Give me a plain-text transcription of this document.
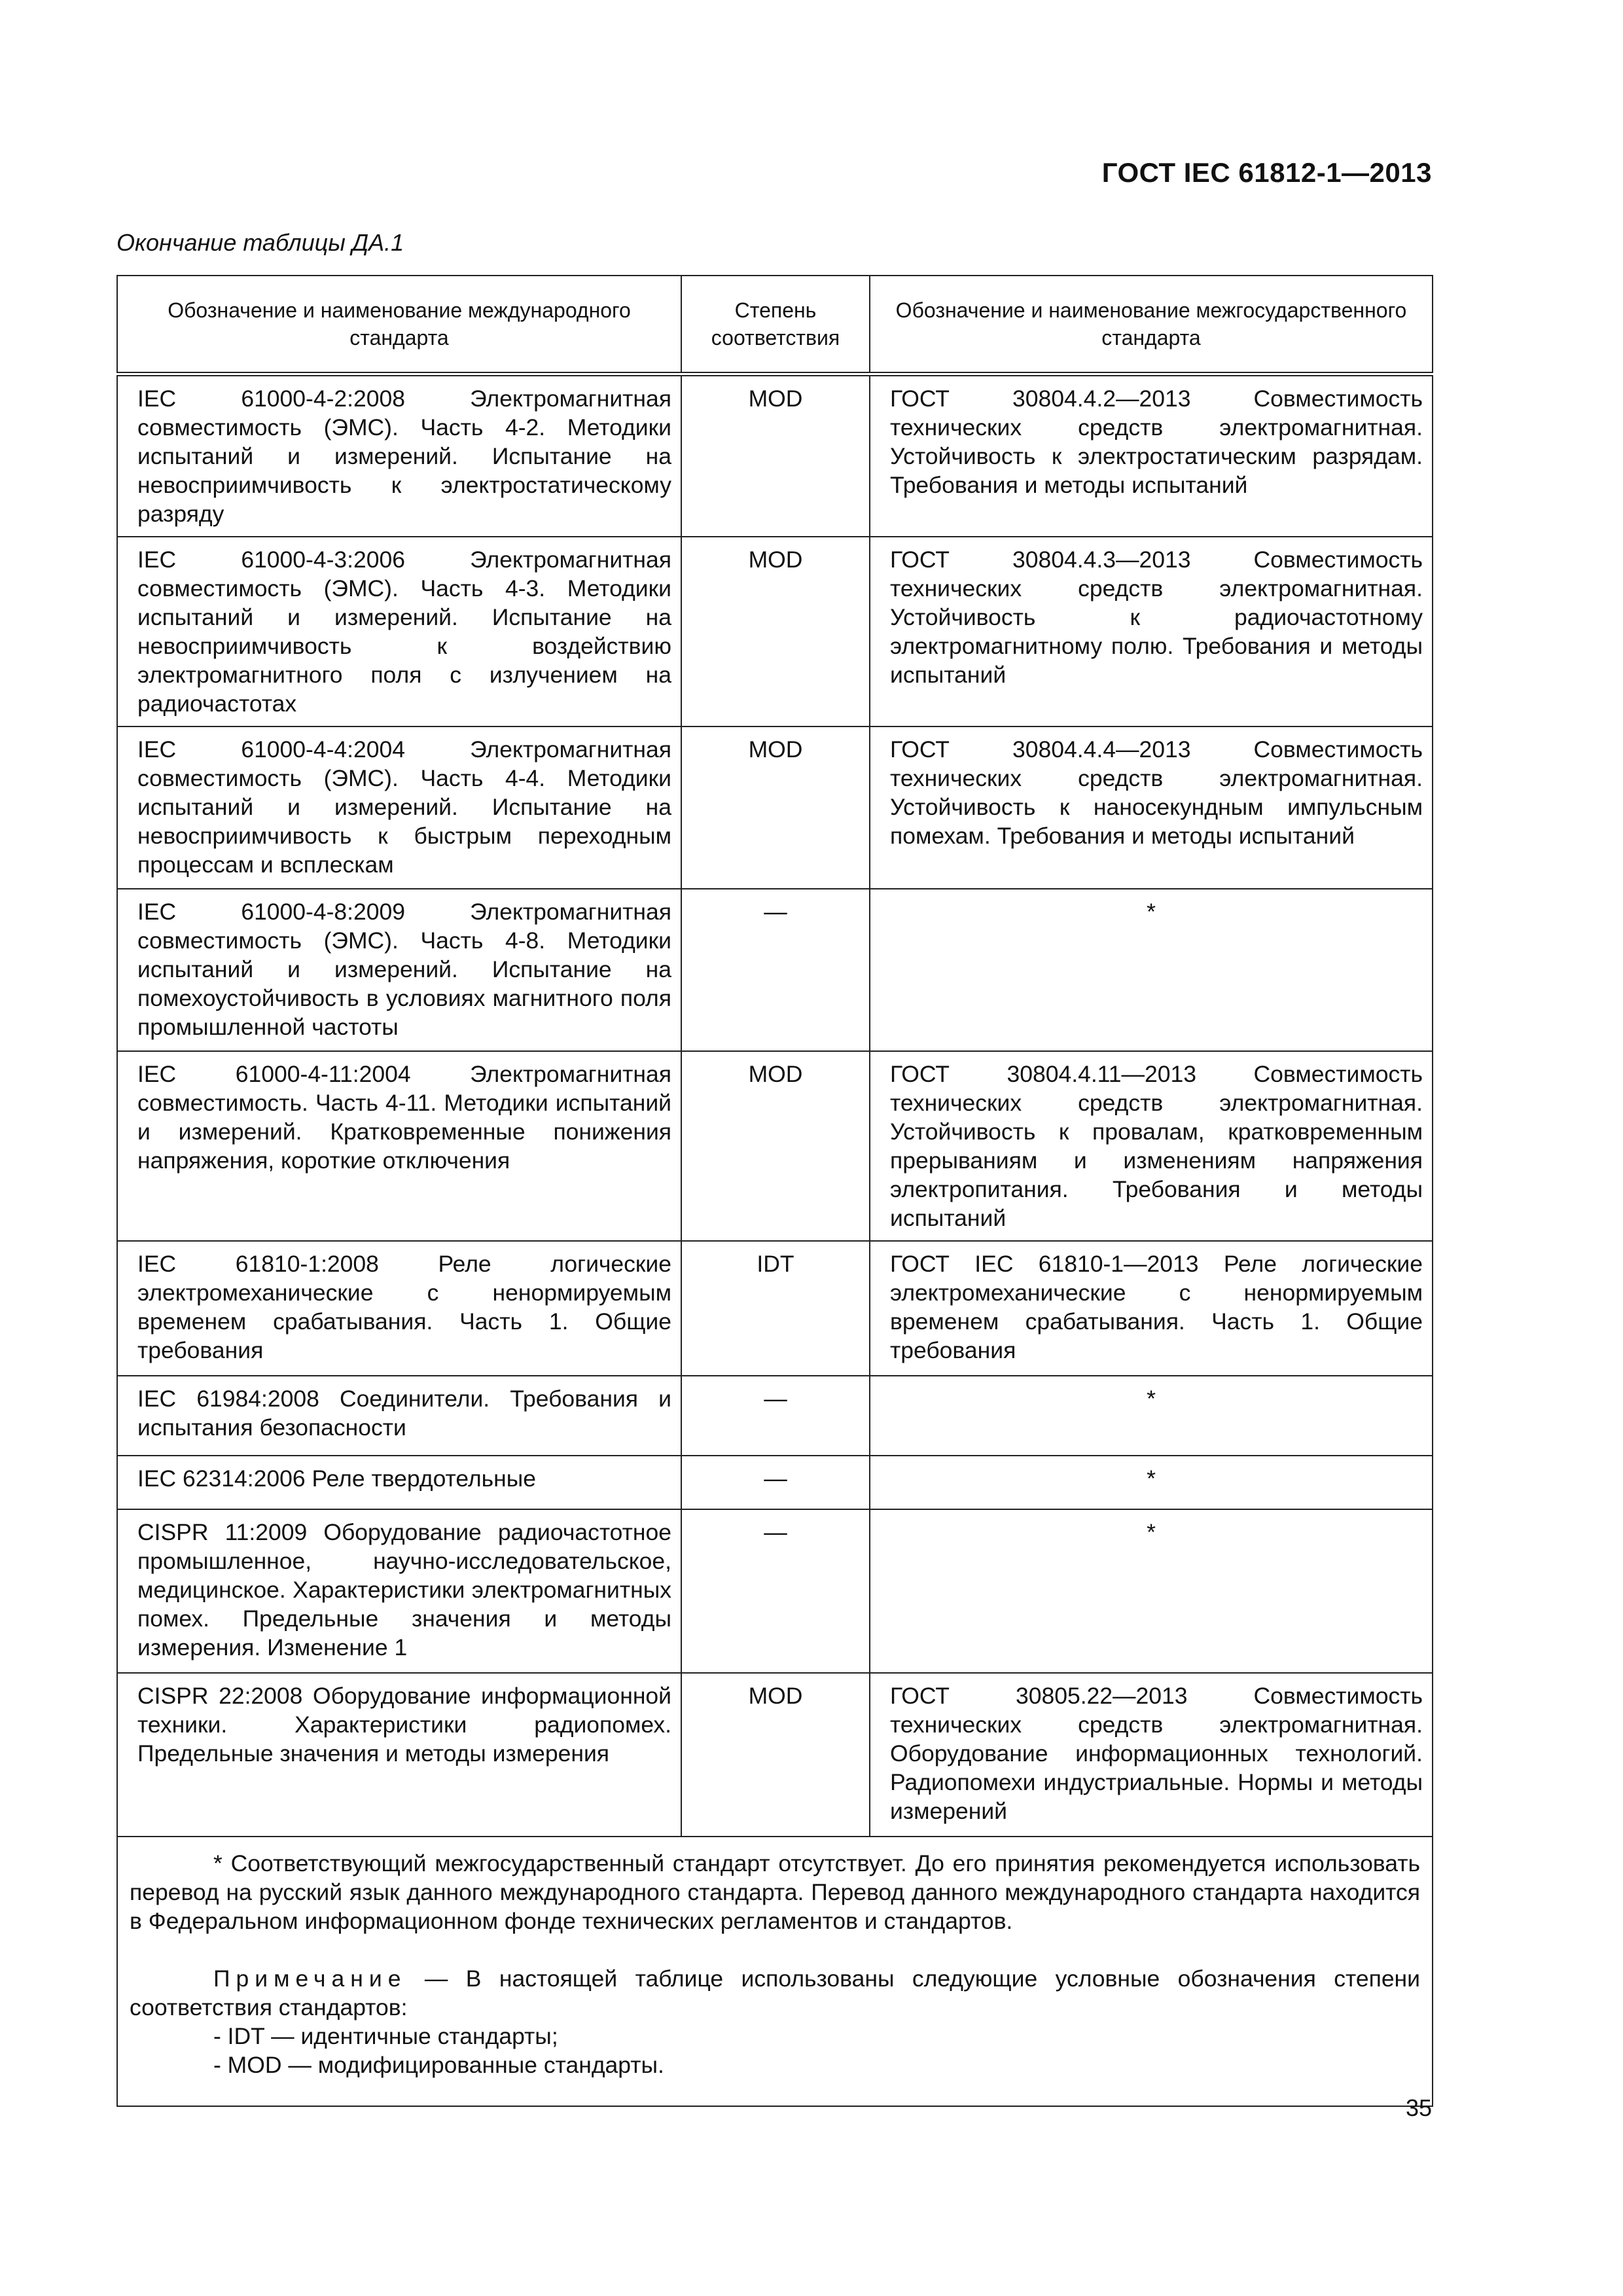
ГОСТ IEC 61812-1—2013
Окончание таблицы ДА.1
Обозначение и наименование международного стандарта	Степень соответствия	Обозначение и наименование межгосударственного стандарта
IEC 61000-4-2:2008 Электромагнитная совместимость (ЭМС). Часть 4-2. Методики испытаний и измерений. Испытание на невосприимчивость к электростатическому разряду	MOD	ГОСТ 30804.4.2—2013 Совместимость технических средств электромагнитная. Устойчивость к электростатическим разрядам. Требования и методы испытаний
IEC 61000-4-3:2006 Электромагнитная совместимость (ЭМС). Часть 4-3. Методики испытаний и измерений. Испытание на невосприимчивость к воздействию электромагнитного поля с излучением на радиочастотах	MOD	ГОСТ 30804.4.3—2013 Совместимость технических средств электромагнитная. Устойчивость к радиочастотному электромагнитному полю. Требования и методы испытаний
IEC 61000-4-4:2004 Электромагнитная совместимость (ЭМС). Часть 4-4. Методики испытаний и измерений. Испытание на невосприимчивость к быстрым переходным процессам и всплескам	MOD	ГОСТ 30804.4.4—2013 Совместимость технических средств электромагнитная. Устойчивость к наносекундным импульсным помехам. Требования и методы испытаний
IEC 61000-4-8:2009 Электромагнитная совместимость (ЭМС). Часть 4-8. Методики испытаний и измерений. Испытание на помехоустойчивость в условиях магнитного поля промышленной частоты	—	*
IEC 61000-4-11:2004 Электромагнитная совместимость. Часть 4-11. Методики испытаний и измерений. Кратковременные понижения напряжения, короткие отключения	MOD	ГОСТ 30804.4.11—2013 Совместимость технических средств электромагнитная. Устойчивость к провалам, кратковременным прерываниям и изменениям напряжения электропитания. Требования и методы испытаний
IEC 61810-1:2008 Реле логические электромеханические с ненормируемым временем срабатывания. Часть 1. Общие требования	IDT	ГОСТ IEC 61810-1—2013 Реле логические электромеханические с ненормируемым временем срабатывания. Часть 1. Общие требования
IEC 61984:2008 Соединители. Требования и испытания безопасности	—	*
IEC 62314:2006 Реле твердотельные	—	*
CISPR 11:2009 Оборудование радиочастотное промышленное, научно-исследовательское, медицинское. Характеристики электромагнитных помех. Предельные значения и методы измерения. Изменение 1	—	*
CISPR 22:2008 Оборудование информационной техники. Характеристики радиопомех. Предельные значения и методы измерения	MOD	ГОСТ 30805.22—2013 Совместимость технических средств электромагнитная. Оборудование информационных технологий. Радиопомехи индустриальные. Нормы и методы измерений

* Соответствующий межгосударственный стандарт отсутствует. До его принятия рекомендуется использовать перевод на русский язык данного международного стандарта. Перевод данного международного стандарта находится в Федеральном информационном фонде технических регламентов и стандартов.

Примечание — В настоящей таблице использованы следующие условные обозначения степени соответствия стандартов:

- IDT — идентичные стандарты;

- MOD — модифицированные стандарты.		

35
